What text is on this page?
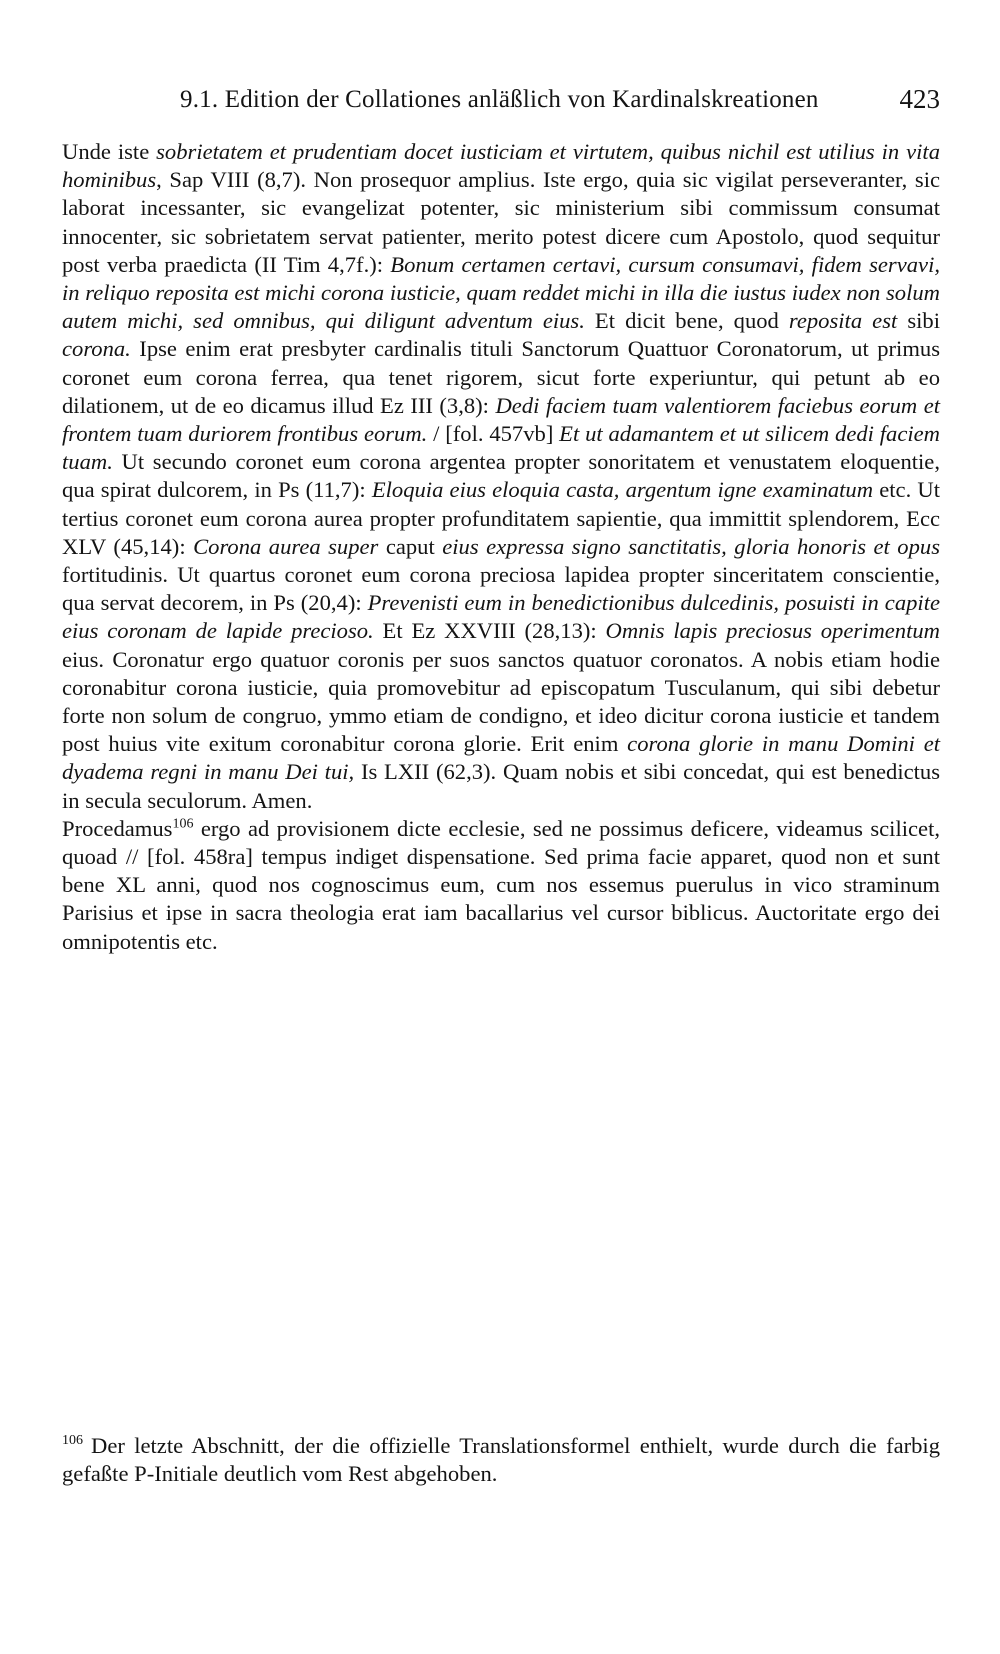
9.1. Edition der Collationes anläßlich von Kardinalskreationen	423

Unde iste sobrietatem et prudentiam docet iusticiam et virtutem, quibus nichil est utilius in vita hominibus, Sap VIII (8,7). Non prosequor amplius. Iste ergo, quia sic vigilat perseveranter, sic laborat incessanter, sic evangelizat potenter, sic ministerium sibi commissum consumat innocenter, sic sobrietatem servat patienter, merito potest dicere cum Apostolo, quod sequitur post verba praedicta (II Tim 4,7f.): Bonum certamen certavi, cursum consumavi, fidem servavi, in reliquo reposita est michi corona iusticie, quam reddet michi in illa die iustus iudex non solum autem michi, sed omnibus, qui diligunt adventum eius. Et dicit bene, quod reposita est sibi corona. Ipse enim erat presbyter cardinalis tituli Sanctorum Quattuor Coronatorum, ut primus coronet eum corona ferrea, qua tenet rigorem, sicut forte experiuntur, qui petunt ab eo dilationem, ut de eo dicamus illud Ez III (3,8): Dedi faciem tuam valentiorem faciebus eorum et frontem tuam duriorem frontibus eorum. / [fol. 457vb] Et ut adamantem et ut silicem dedi faciem tuam. Ut secundo coronet eum corona argentea propter sonoritatem et venustatem eloquentie, qua spirat dulcorem, in Ps (11,7): Eloquia eius eloquia casta, argentum igne examinatum etc. Ut tertius coronet eum corona aurea propter profunditatem sapientie, qua immittit splendorem, Ecc XLV (45,14): Corona aurea super caput eius expressa signo sanctitatis, gloria honoris et opus fortitudinis. Ut quartus coronet eum corona preciosa lapidea propter sinceritatem conscientie, qua servat decorem, in Ps (20,4): Prevenisti eum in benedictionibus dulcedinis, posuisti in capite eius coronam de lapide precioso. Et Ez XXVIII (28,13): Omnis lapis preciosus operimentum eius. Coronatur ergo quatuor coronis per suos sanctos quatuor coronatos. A nobis etiam hodie coronabitur corona iusticie, quia promovebitur ad episcopatum Tusculanum, qui sibi debetur forte non solum de congruo, ymmo etiam de condigno, et ideo dicitur corona iusticie et tandem post huius vite exitum coronabitur corona glorie. Erit enim corona glorie in manu Domini et dyadema regni in manu Dei tui, Is LXII (62,3). Quam nobis et sibi concedat, qui est benedictus in secula seculorum. Amen.

Procedamus$^{106}$ ergo ad provisionem dicte ecclesie, sed ne possimus deficere, videamus scilicet, quoad // [fol. 458ra] tempus indiget dispensatione. Sed prima facie apparet, quod non et sunt bene XL anni, quod nos cognoscimus eum, cum nos essemus puerulus in vico straminum Parisius et ipse in sacra theologia erat iam bacallarius vel cursor biblicus. Auctoritate ergo dei omnipotentis etc.

$^{106}$ Der letzte Abschnitt, der die offizielle Translationsformel enthielt, wurde durch die farbig gefaßte P-Initiale deutlich vom Rest abgehoben.
